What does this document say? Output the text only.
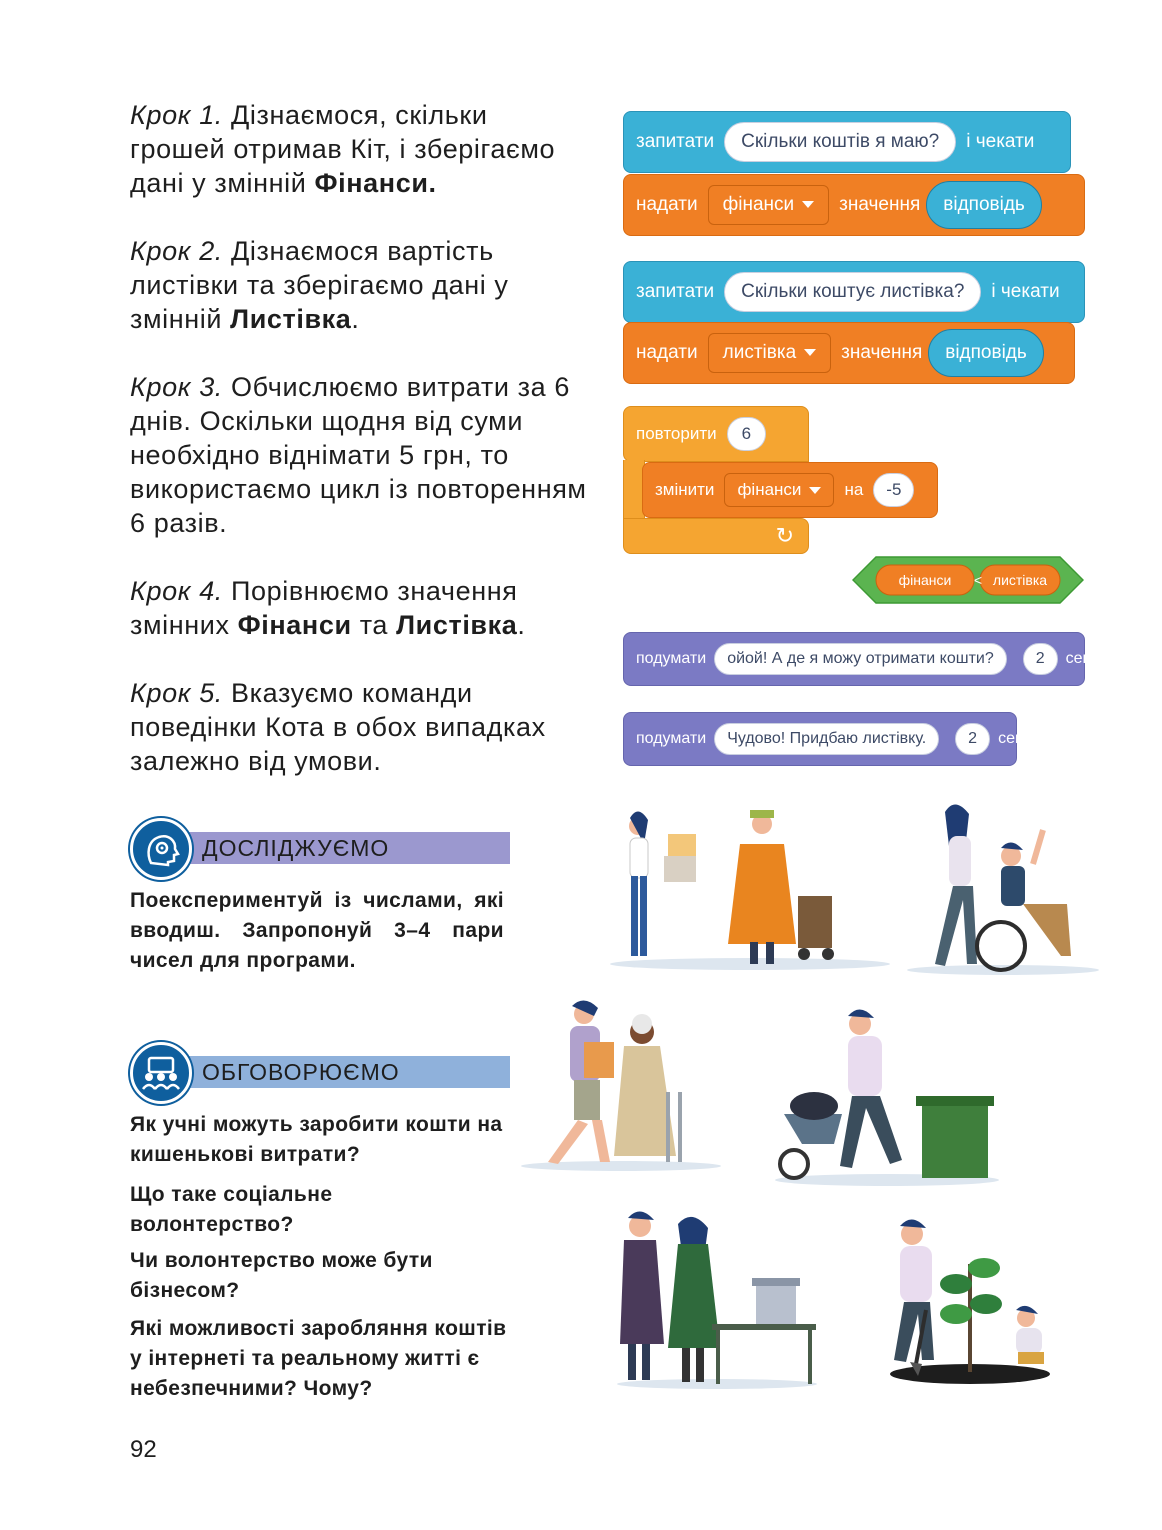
Крок 1. Дізнаємося, скільки грошей отримав Кіт, і зберігаємо дані у змінній Фінанси.
Крок 2. Дізнаємося вартість листівки та зберігаємо дані у змінній Листівка.
Крок 3. Обчислюємо витрати за 6 днів. Оскільки щодня від суми необхідно віднімати 5 грн, то використаємо цикл із повторенням 6 разів.
Крок 4. Порівнюємо значення змінних Фінанси та Листівка.
Крок 5. Вказуємо команди поведінки Кота в обох випадках залежно від умови.
запитати	Скільки коштів я маю?	і чекати
надати	фінанси	значення	відповідь
запитати	Скільки коштує листівка?	і чекати
надати	листівка	значення	відповідь
повторити	6
↻
змінити	фінанси	на	-5
фінанси < листівка
подумати	ойой! А де я можу отримати кошти?	2	сек
подумати	Чудово! Придбаю листівку.	2	сек
ДОСЛІДЖУЄМО
Поекспериментуй із числами, які вводиш. Запропонуй 3–4 пари чисел для програми.
ОБГОВОРЮЄМО
Як учні можуть заробити кошти на кишенькові витрати?
Що таке соціальне волонтерство?
Чи волонтерство може бути бізнесом?
Які можливості заробляння коштів у інтернеті та реальному житті є небезпечними? Чому?
92
